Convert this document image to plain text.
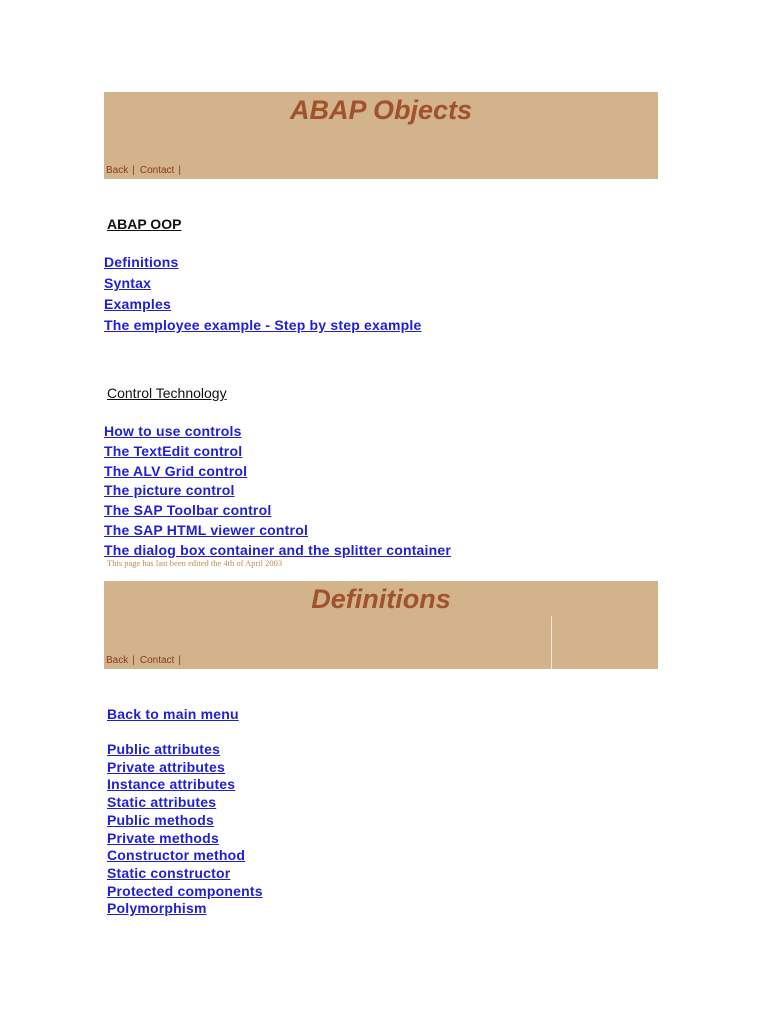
ABAP Objects
Back | Contact |
ABAP OOP
Definitions
Syntax
Examples
The employee example - Step by step example
Control Technology
How to use controls
The TextEdit control
The ALV Grid control
The picture control
The SAP Toolbar control
The SAP HTML viewer control
The dialog box container and the splitter container
This page has last been edited the 4th of April 2003
Definitions
Back | Contact |
Back to main menu
Public attributes
Private attributes
Instance attributes
Static attributes
Public methods
Private methods
Constructor method
Static constructor
Protected components
Polymorphism
